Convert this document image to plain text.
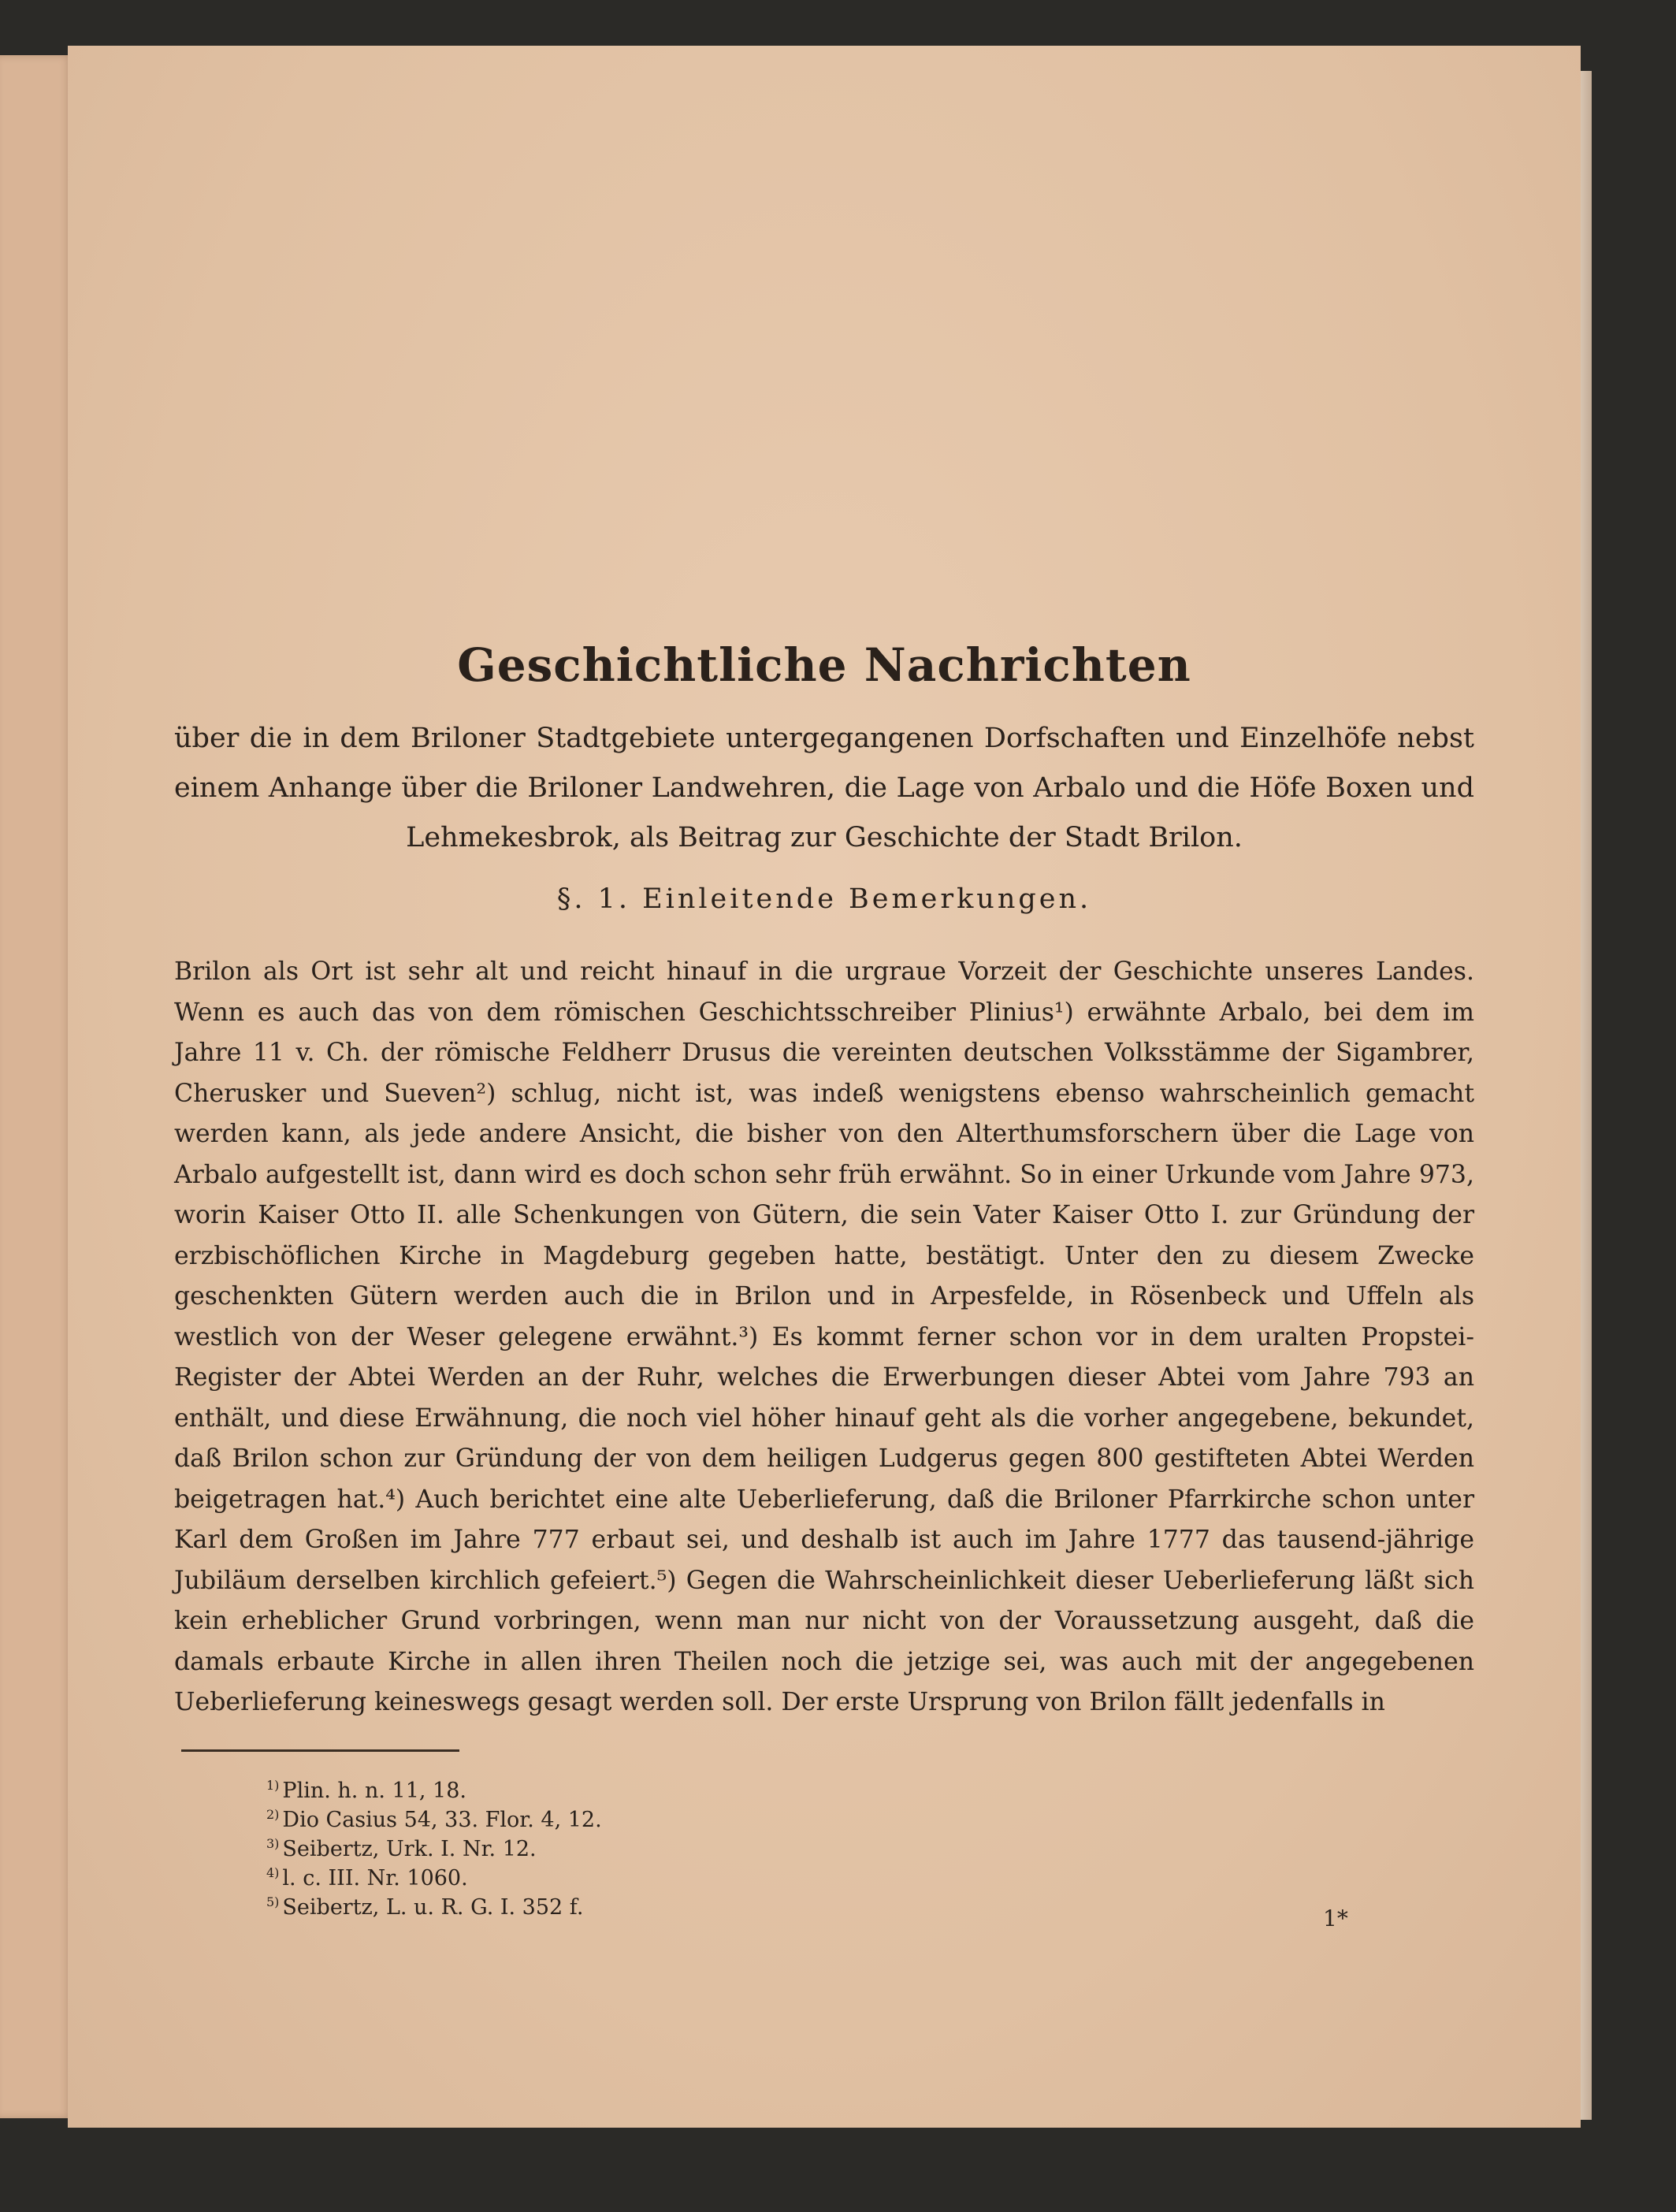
Geschichtliche Nachrichten
über die in dem Briloner Stadtgebiete untergegangenen Dorfschaften und Einzelhöfe nebst einem Anhange über die Briloner Landwehren, die Lage von Arbalo und die Höfe Boxen und Lehmekesbrok, als Beitrag zur Geschichte der Stadt Brilon.
§. 1. Einleitende Bemerkungen.
Brilon als Ort ist sehr alt und reicht hinauf in die urgraue Vorzeit der Geschichte unseres Landes. Wenn es auch das von dem römischen Geschichtsschreiber Plinius¹) erwähnte Arbalo, bei dem im Jahre 11 v. Ch. der römische Feldherr Drusus die vereinten deutschen Volksstämme der Sigambrer, Cherusker und Sueven²) schlug, nicht ist, was indeß wenigstens ebenso wahrscheinlich gemacht werden kann, als jede andere Ansicht, die bisher von den Alterthumsforschern über die Lage von Arbalo aufgestellt ist, dann wird es doch schon sehr früh erwähnt. So in einer Urkunde vom Jahre 973, worin Kaiser Otto II. alle Schenkungen von Gütern, die sein Vater Kaiser Otto I. zur Gründung der erzbischöflichen Kirche in Magdeburg gegeben hatte, bestätigt. Unter den zu diesem Zwecke geschenkten Gütern werden auch die in Brilon und in Arpesfelde, in Rösenbeck und Uffeln als westlich von der Weser gelegene erwähnt.³) Es kommt ferner schon vor in dem uralten Propstei-Register der Abtei Werden an der Ruhr, welches die Erwerbungen dieser Abtei vom Jahre 793 an enthält, und diese Erwähnung, die noch viel höher hinauf geht als die vorher angegebene, bekundet, daß Brilon schon zur Gründung der von dem heiligen Ludgerus gegen 800 gestifteten Abtei Werden beigetragen hat.⁴) Auch berichtet eine alte Ueberlieferung, daß die Briloner Pfarrkirche schon unter Karl dem Großen im Jahre 777 erbaut sei, und deshalb ist auch im Jahre 1777 das tausend-jährige Jubiläum derselben kirchlich gefeiert.⁵) Gegen die Wahrscheinlichkeit dieser Ueberlieferung läßt sich kein erheblicher Grund vorbringen, wenn man nur nicht von der Voraussetzung ausgeht, daß die damals erbaute Kirche in allen ihren Theilen noch die jetzige sei, was auch mit der angegebenen Ueberlieferung keineswegs gesagt werden soll. Der erste Ursprung von Brilon fällt jedenfalls in
$^{1)}$ Plin. h. n. 11, 18.
$^{2)}$ Dio Casius 54, 33. Flor. 4, 12.
$^{3)}$ Seibertz, Urk. I. Nr. 12.
$^{4)}$ l. c. III. Nr. 1060.
$^{5)}$ Seibertz, L. u. R. G. I. 352 f.	1*
